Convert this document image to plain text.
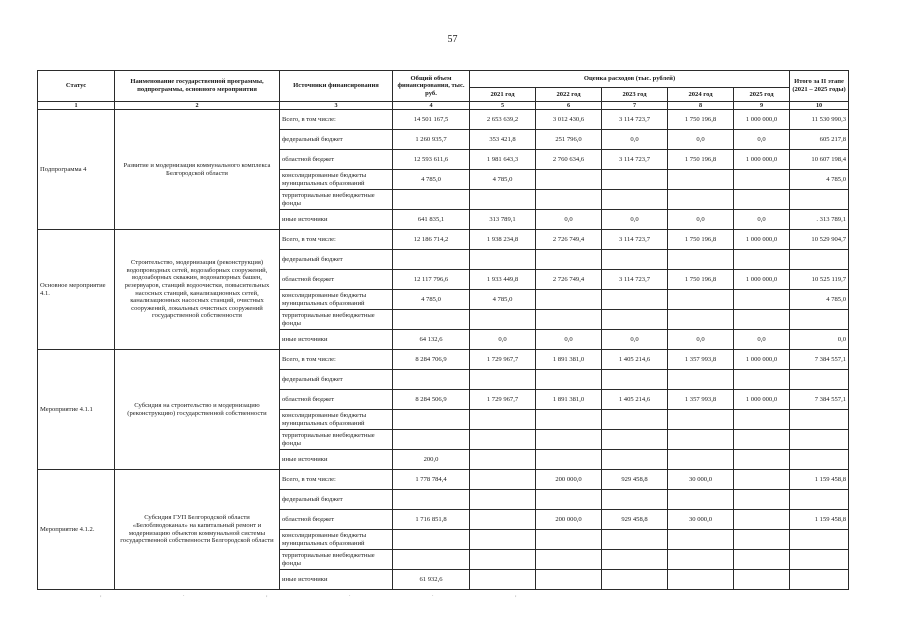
57
Статус	Наименование государственной программы, подпрограммы, основного мероприятия	Источники финансирования	Общий объем финансирования, тыс. руб.	Оценка расходов (тыс. рублей)					Итого за II этапе (2021 – 2025 годы)
				2021 год	2022 год	2023 год	2024 год	2025 год	
1	2	3	4	5	6	7	8	9	10
Подпрограмма 4	Развитие и модернизация коммунального комплекса Белгородской области	Всего, в том числе:	14 501 167,5	2 653 639,2	3 012 430,6	3 114 723,7	1 750 196,8	1 000 000,0	11 530 990,3
		федеральный бюджет	1 260 935,7	353 421,8	251 796,0	0,0	0,0	0,0	605 217,8
		областной бюджет	12 593 611,6	1 981 643,3	2 760 634,6	3 114 723,7	1 750 196,8	1 000 000,0	10 607 198,4
		консолидированные бюджеты муниципальных образований	4 785,0	4 785,0					4 785,0
		территориальные внебюджетные фонды							
		иные источники	641 835,1	313 789,1	0,0	0,0	0,0	0,0	. 313 789,1
Основное мероприятие 4.1.	Строительство, модернизация (реконструкция) водопроводных сетей, водозаборных сооружений, водозаборных скважин, водонапорных башен, резервуаров, станций водоочистки, повысительных насосных станций, канализационных сетей, канализационных насосных станций, очистных сооружений, локальных очистных сооружений государственной собственности	Всего, в том числе:	12 186 714,2	1 938 234,8	2 726 749,4	3 114 723,7	1 750 196,8	1 000 000,0	10 529 904,7
		федеральный бюджет							
		областной бюджет	12 117 796,6	1 933 449,8	2 726 749,4	3 114 723,7	1 750 196,8	1 000 000,0	10 525 119,7
		консолидированные бюджеты муниципальных образований	4 785,0	4 785,0					4 785,0
		территориальные внебюджетные фонды							
		иные источники	64 132,6	0,0	0,0	0,0	0,0	0,0	0,0
Мероприятие 4.1.1	Субсидия на строительство и модернизацию (реконструкцию) государственной собственности	Всего, в том числе:	8 284 706,9	1 729 967,7	1 891 381,0	1 405 214,6	1 357 993,8	1 000 000,0	7 384 557,1
		федеральный бюджет							
		областной бюджет	8 284 506,9	1 729 967,7	1 891 381,0	1 405 214,6	1 357 993,8	1 000 000,0	7 384 557,1
		консолидированные бюджеты муниципальных образований							
		территориальные внебюджетные фонды							
		иные источники	200,0						
Мероприятие 4.1.2.	Субсидия ГУП Белгородской области «Белоблводоканал» на капитальный ремонт и модернизацию объектов коммунальной системы государственной собственности Белгородской области	Всего, в том числе:	1 778 784,4		200 000,0	929 458,8	30 000,0		1 159 458,8
		федеральный бюджет							
		областной бюджет	1 716 851,8		200 000,0	929 458,8	30 000,0		1 159 458,8
		консолидированные бюджеты муниципальных образований							
		территориальные внебюджетные фонды							
		иные источники	61 932,6						
, . , . . ,
